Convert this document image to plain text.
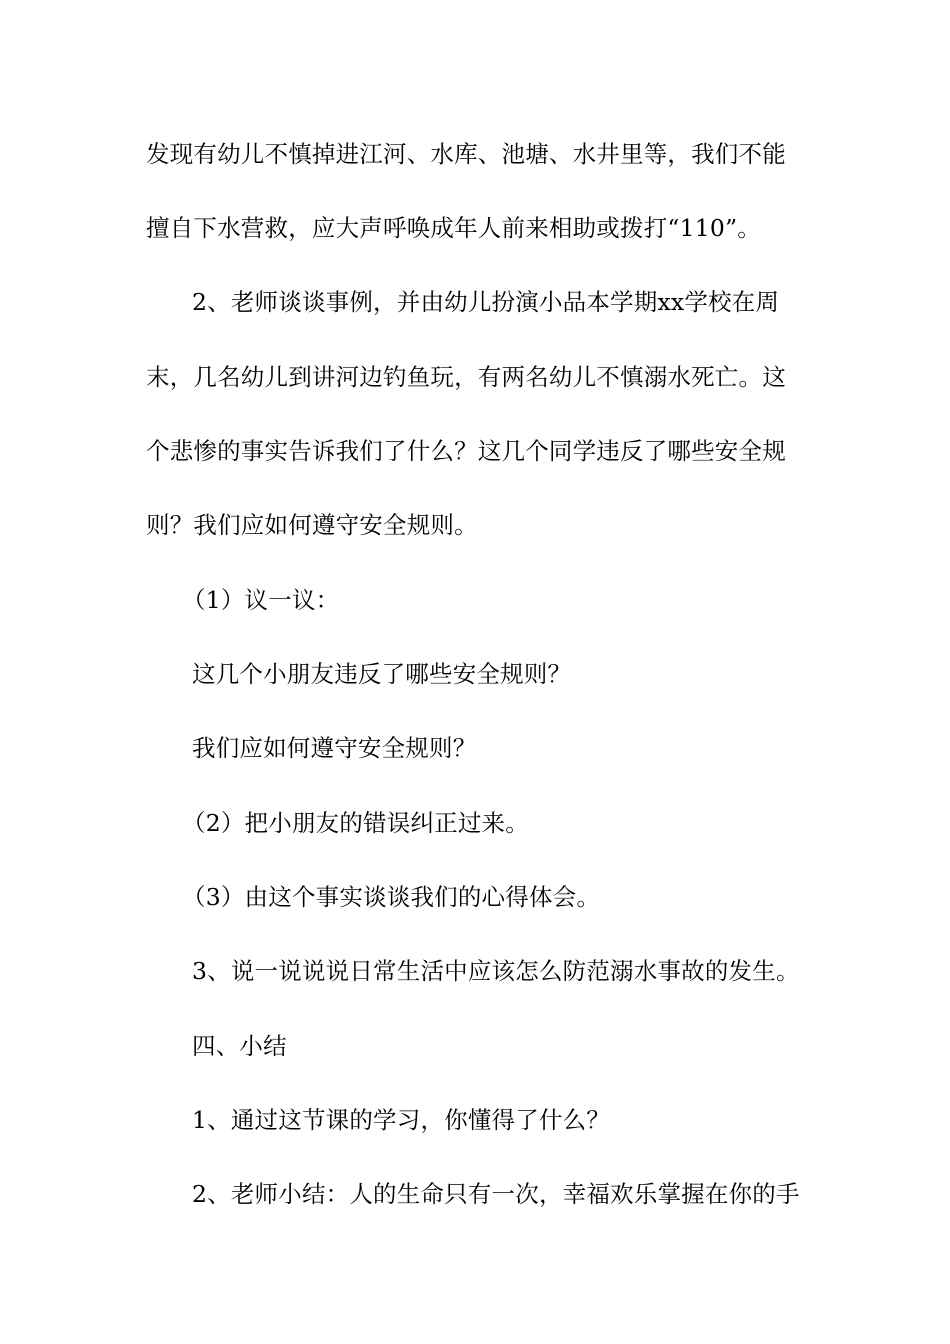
发现有幼儿不慎掉进江河、水库、池塘、水井里等，我们不能
擅自下水营救，应大声呼唤成年人前来相助或拨打“110”。
2、老师谈谈事例，并由幼儿扮演小品本学期xx学校在周
末，几名幼儿到讲河边钓鱼玩，有两名幼儿不慎溺水死亡。这
个悲惨的事实告诉我们了什么？这几个同学违反了哪些安全规
则？我们应如何遵守安全规则。
（1）议一议：
这几个小朋友违反了哪些安全规则？
我们应如何遵守安全规则？
（2）把小朋友的错误纠正过来。
（3）由这个事实谈谈我们的心得体会。
3、说一说说说日常生活中应该怎么防范溺水事故的发生。
四、小结
1、通过这节课的学习，你懂得了什么？
2、老师小结：人的生命只有一次，幸福欢乐掌握在你的手
